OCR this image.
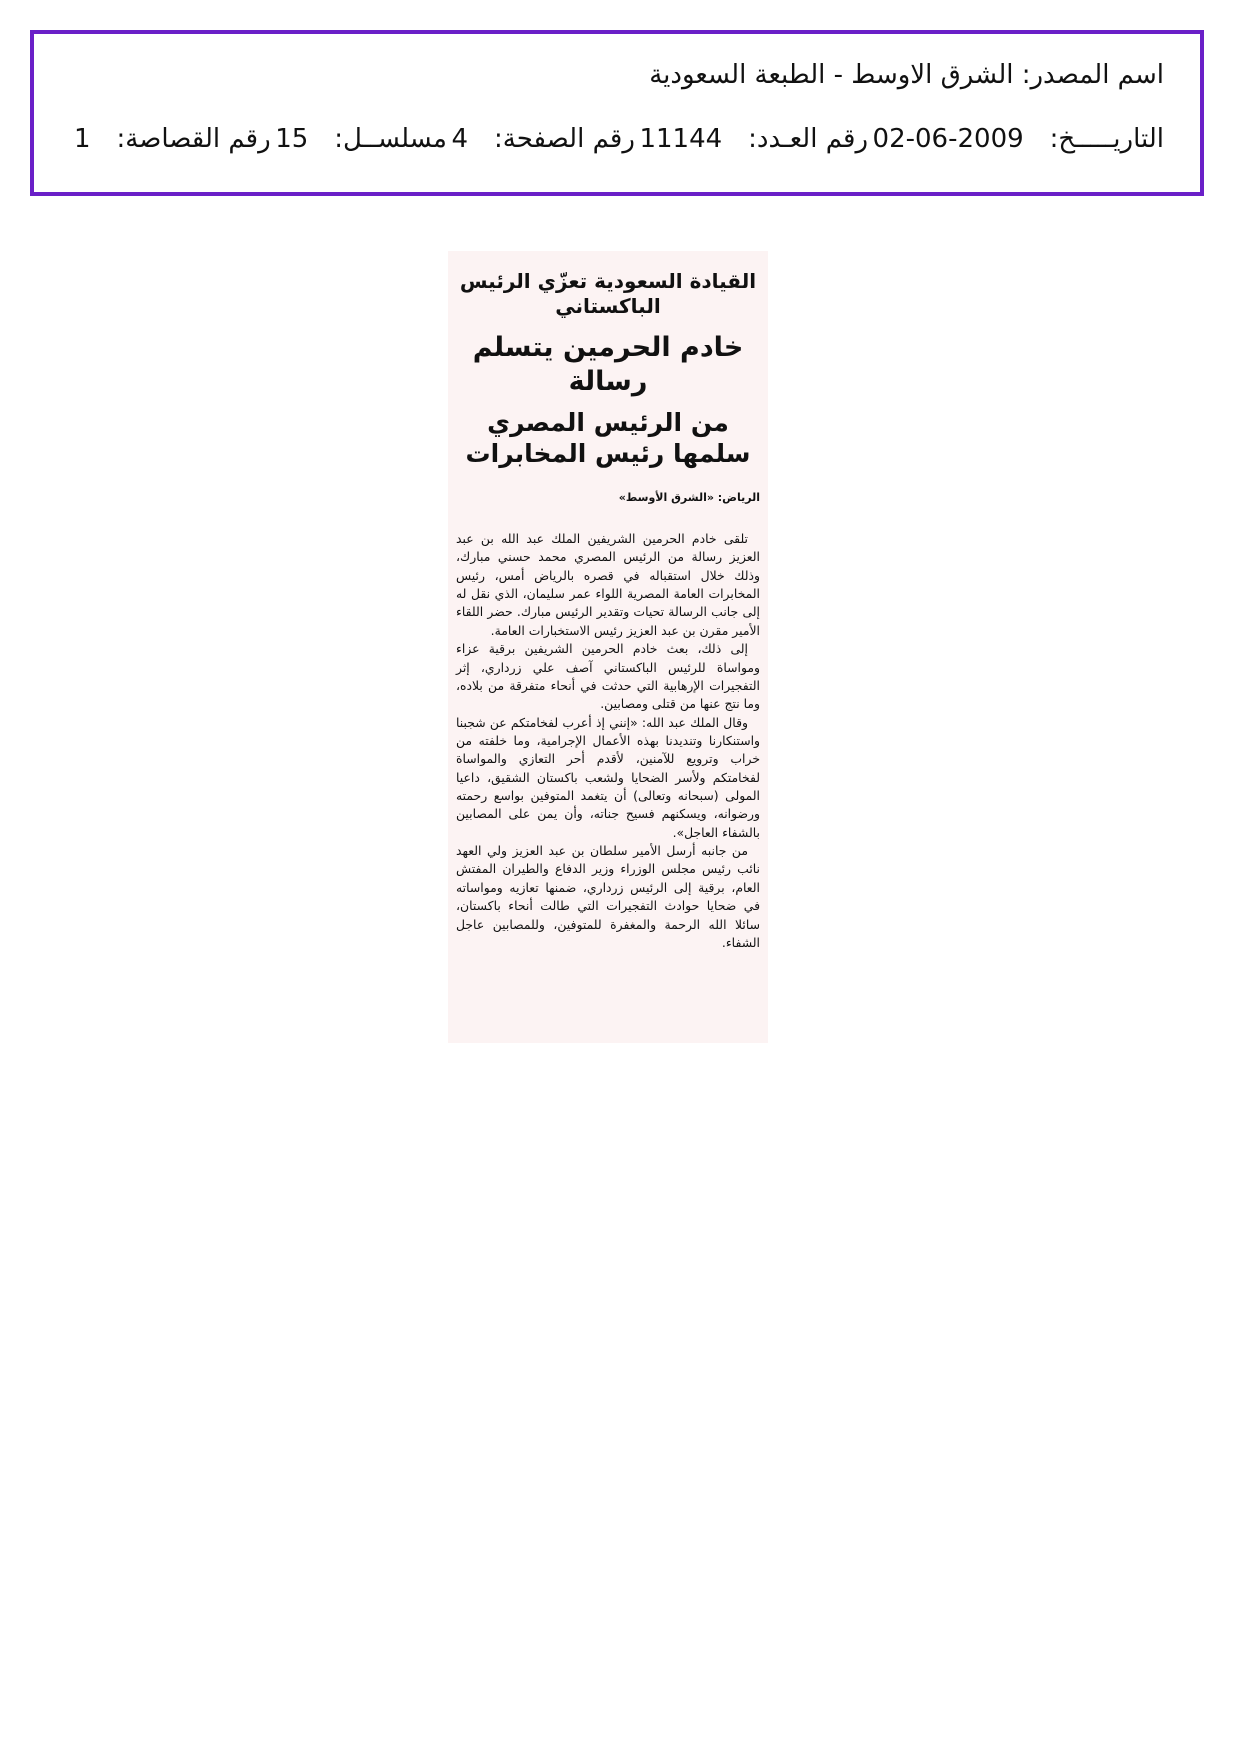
اسم المصدر: الشرق الاوسط - الطبعة السعودية
التاريـــــخ:
02-06-2009
رقم العـدد:
11144
رقم الصفحة:
4
مسلســل:
15
رقم القصاصة:
1
القيادة السعودية تعزّي الرئيس الباكستاني
خادم الحرمين يتسلم رسالة
من الرئيس المصري سلمها رئيس المخابرات
الرياض: «الشرق الأوسط»

تلقى خادم الحرمين الشريفين الملك عبد الله بن عبد العزيز رسالة من الرئيس المصري محمد حسني مبارك، وذلك خلال استقباله في قصره بالرياض أمس، رئيس المخابرات العامة المصرية اللواء عمر سليمان، الذي نقل له إلى جانب الرسالة تحيات وتقدير الرئيس مبارك. حضر اللقاء الأمير مقرن بن عبد العزيز رئيس الاستخبارات العامة.

إلى ذلك، بعث خادم الحرمين الشريفين برقية عزاء ومواساة للرئيس الباكستاني آصف علي زرداري، إثر التفجيرات الإرهابية التي حدثت في أنحاء متفرقة من بلاده، وما نتج عنها من قتلى ومصابين.

وقال الملك عبد الله: «إنني إذ أعرب لفخامتكم عن شجبنا واستنكارنا وتنديدنا بهذه الأعمال الإجرامية، وما خلفته من خراب وترويع للآمنين، لأقدم أحر التعازي والمواساة لفخامتكم ولأسر الضحايا ولشعب باكستان الشقيق، داعيا المولى (سبحانه وتعالى) أن يتغمد المتوفين بواسع رحمته ورضوانه، ويسكنهم فسيح جناته، وأن يمن على المصابين بالشفاء العاجل».

من جانبه أرسل الأمير سلطان بن عبد العزيز ولي العهد نائب رئيس مجلس الوزراء وزير الدفاع والطيران المفتش العام، برقية إلى الرئيس زرداري، ضمنها تعازيه ومواساته في ضحايا حوادث التفجيرات التي طالت أنحاء باكستان، سائلا الله الرحمة والمغفرة للمتوفين، وللمصابين عاجل الشفاء.
